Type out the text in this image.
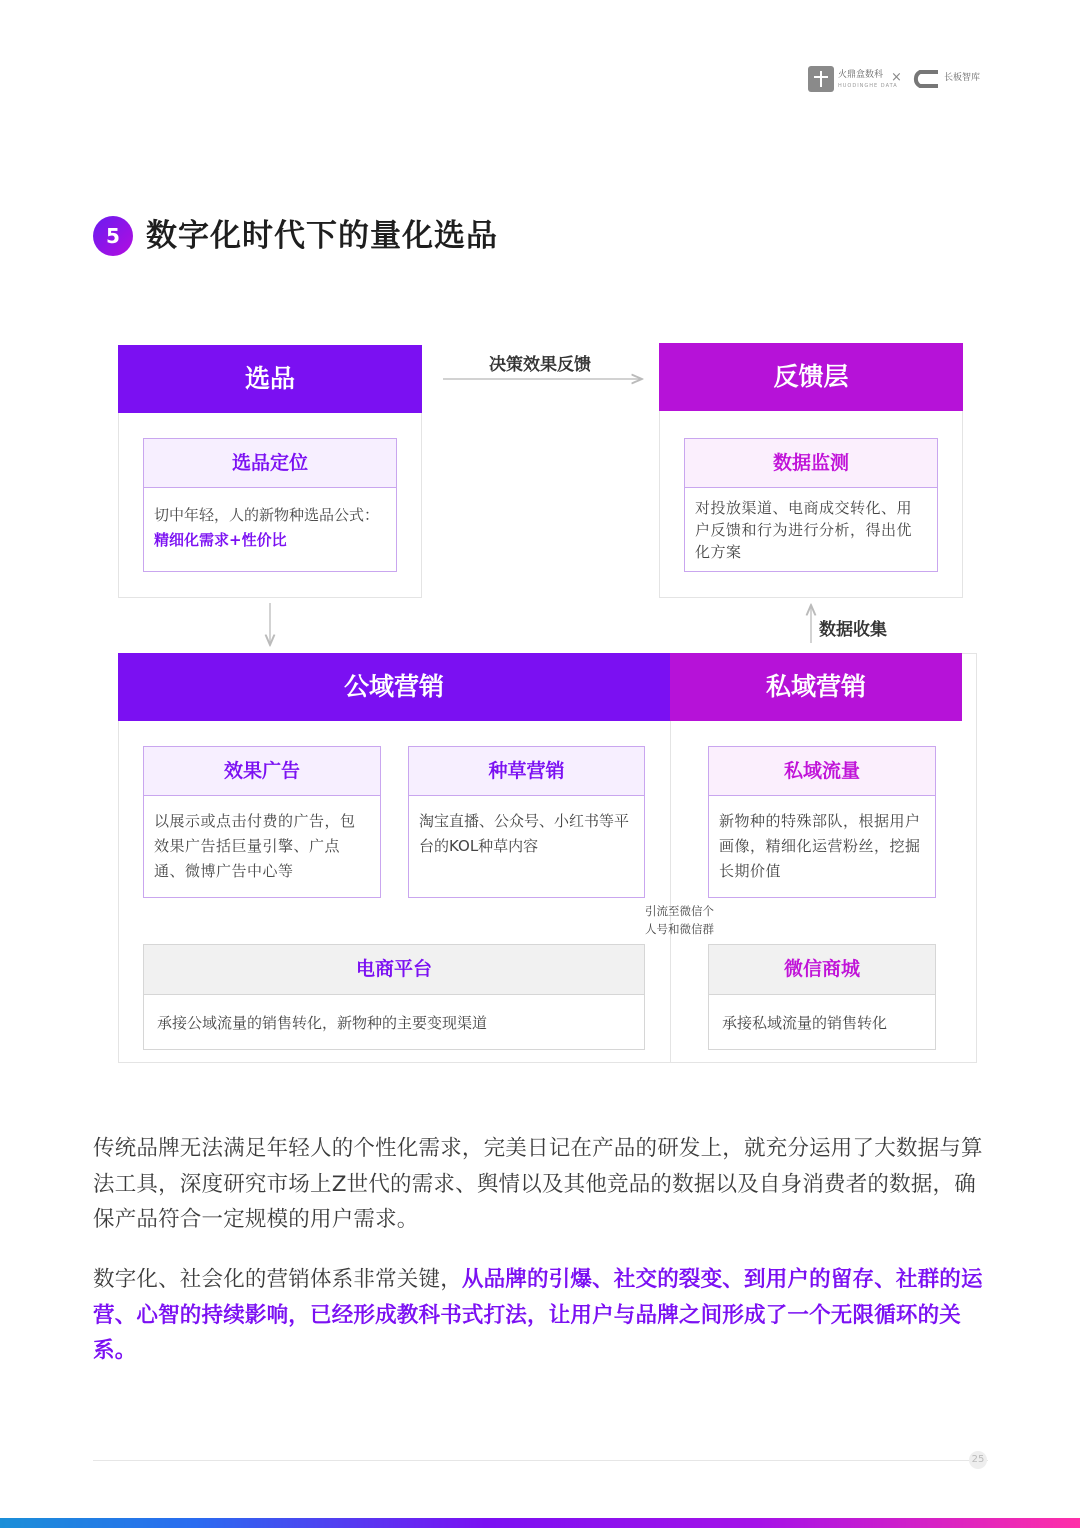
火鼎盒数科
HUODINGHE DATA
×	长板智库
5 数字化时代下的量化选品
选品
选品定位
切中年轻，人的新物种选品公式：精细化需求+性价比
决策效果反馈	反馈层
数据监测
对投放渠道、电商成交转化、用户反馈和行为进行分析，得出优化方案
数据收集
公域营销	私域营销
效果广告
以展示或点击付费的广告，包效果广告括巨量引擎、广点通、微博广告中心等
种草营销
淘宝直播、公众号、小红书等平台的KOL种草内容
私域流量
新物种的特殊部队，根据用户画像，精细化运营粉丝，挖掘长期价值
电商平台
承接公域流量的销售转化，新物种的主要变现渠道
微信商城
承接私域流量的销售转化
引流至微信个
人号和微信群
传统品牌无法满足年轻人的个性化需求，完美日记在产品的研发上，就充分运用了大数据与算法工具，深度研究市场上Z世代的需求、舆情以及其他竞品的数据以及自身消费者的数据，确保产品符合一定规模的用户需求。
数字化、社会化的营销体系非常关键，从品牌的引爆、社交的裂变、到用户的留存、社群的运营、心智的持续影响，已经形成教科书式打法，让用户与品牌之间形成了一个无限循环的关系。
25
